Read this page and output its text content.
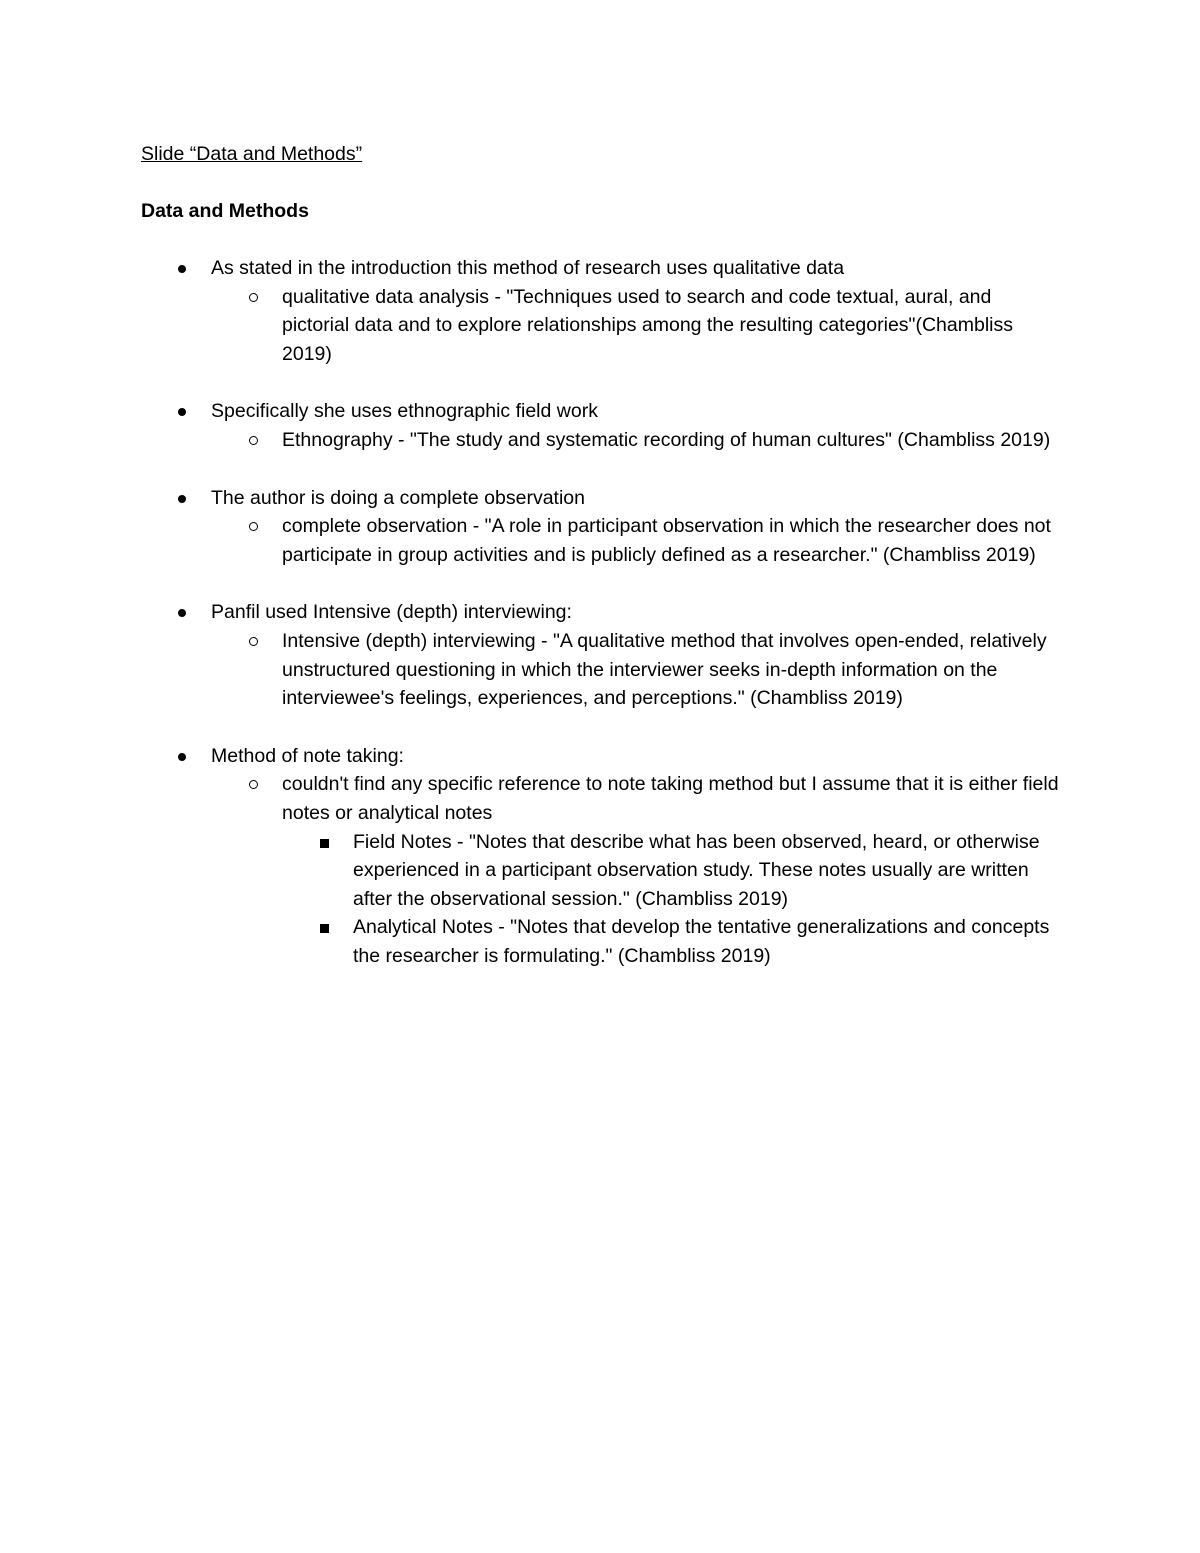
Slide “Data and Methods”

Data and Methods

As stated in the introduction this method of research uses qualitative data
qualitative data analysis - "Techniques used to search and code textual, aural, and pictorial data and to explore relationships among the resulting categories"(Chambliss 2019)
Specifically she uses ethnographic field work
Ethnography - "The study and systematic recording of human cultures" (Chambliss 2019)
The author is doing a complete observation
complete observation - "A role in participant observation in which the researcher does not participate in group activities and is publicly defined as a researcher." (Chambliss 2019)
Panfil used Intensive (depth) interviewing:
Intensive (depth) interviewing - "A qualitative method that involves open-ended, relatively unstructured questioning in which the interviewer seeks in-depth information on the interviewee's feelings, experiences, and perceptions." (Chambliss 2019)
Method of note taking:
couldn't find any specific reference to note taking method but I assume that it is either field notes or analytical notes
Field Notes - "Notes that describe what has been observed, heard, or otherwise experienced in a participant observation study. These notes usually are written after the observational session." (Chambliss 2019)
Analytical Notes - "Notes that develop the tentative generalizations and concepts the researcher is formulating." (Chambliss 2019)
